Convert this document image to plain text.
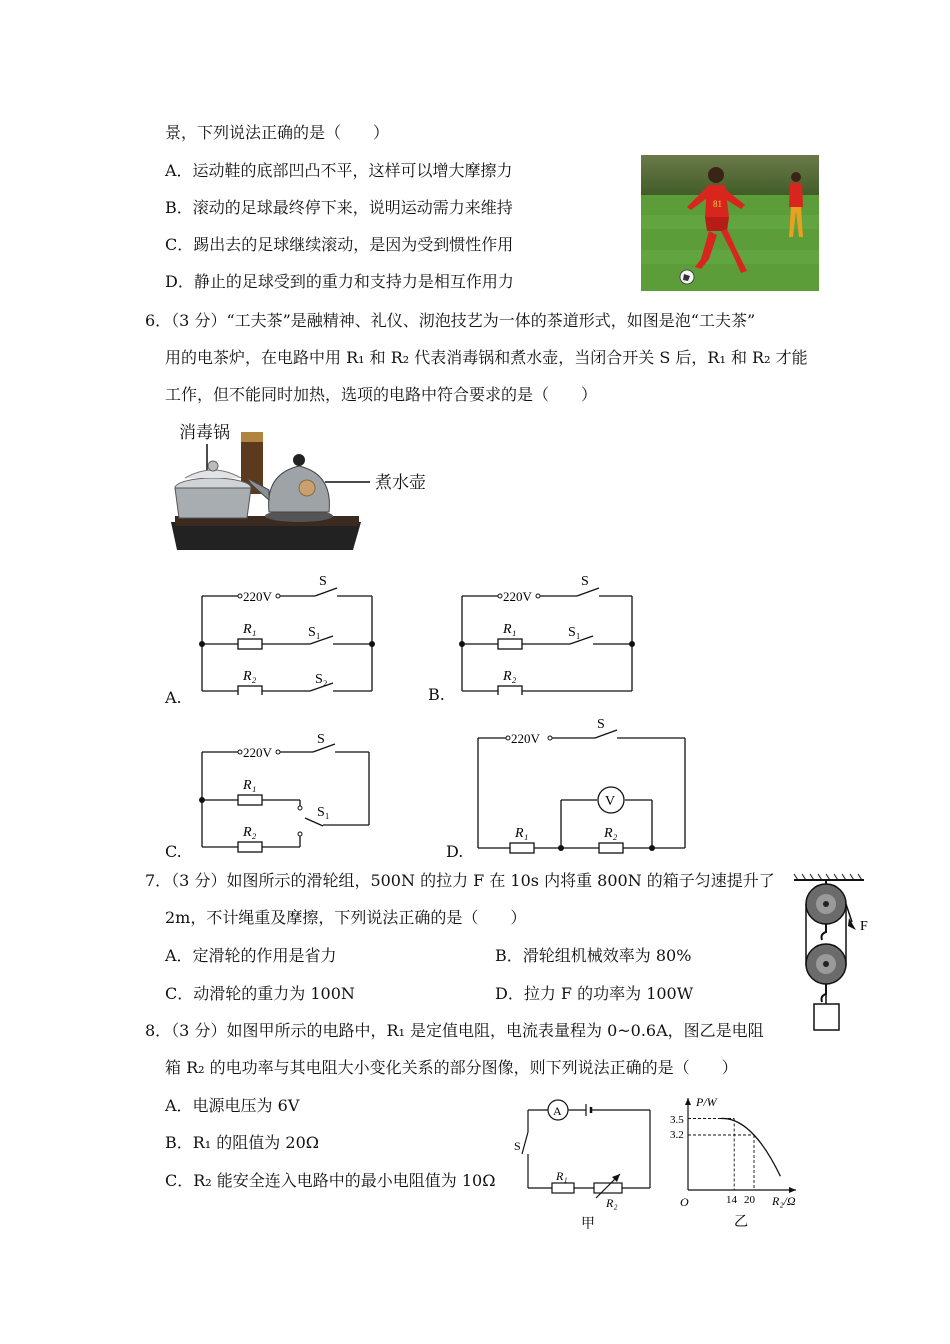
景，下列说法正确的是（　　）
A．运动鞋的底部凹凸不平，这样可以增大摩擦力
B．滚动的足球最终停下来，说明运动需力来维持
C．踢出去的足球继续滚动，是因为受到惯性作用
D．静止的足球受到的重力和支持力是相互作用力
81
6．（3 分）“工夫茶”是融精神、礼仪、沏泡技艺为一体的茶道形式，如图是泡“工夫茶”
用的电茶炉，在电路中用 R₁ 和 R₂ 代表消毒锅和煮水壶，当闭合开关 S 后，R₁ 和 R₂ 才能
工作，但不能同时加热，选项的电路中符合要求的是（　　）
消毒锅
煮水壶
220V
S
R₁	S₁
R₂	S₂
A.
220V
S
R₁	S₁
R₂
B.
220V
S
R₁
S₁
R₂
C.
220V
S
V
R₁	R₂
D.
7．（3 分）如图所示的滑轮组，500N 的拉力 F 在 10s 内将重 800N 的箱子匀速提升了
2m，不计绳重及摩擦，下列说法正确的是（　　）
A．定滑轮的作用是省力	B．滑轮组机械效率为 80%
C．动滑轮的重力为 100N	D．拉力 F 的功率为 100W
F
8．（3 分）如图甲所示的电路中，R₁ 是定值电阻，电流表量程为 0~0.6A，图乙是电阻
箱 R₂ 的电功率与其电阻大小变化关系的部分图像，则下列说法正确的是（　　）
A．电源电压为 6V
B．R₁ 的阻值为 20Ω
C．R₂ 能安全连入电路中的最小电阻值为 10Ω
A
S
R₁
R₂
甲
P/W
3.5
3.2
O	14 20 R₂/Ω
乙
